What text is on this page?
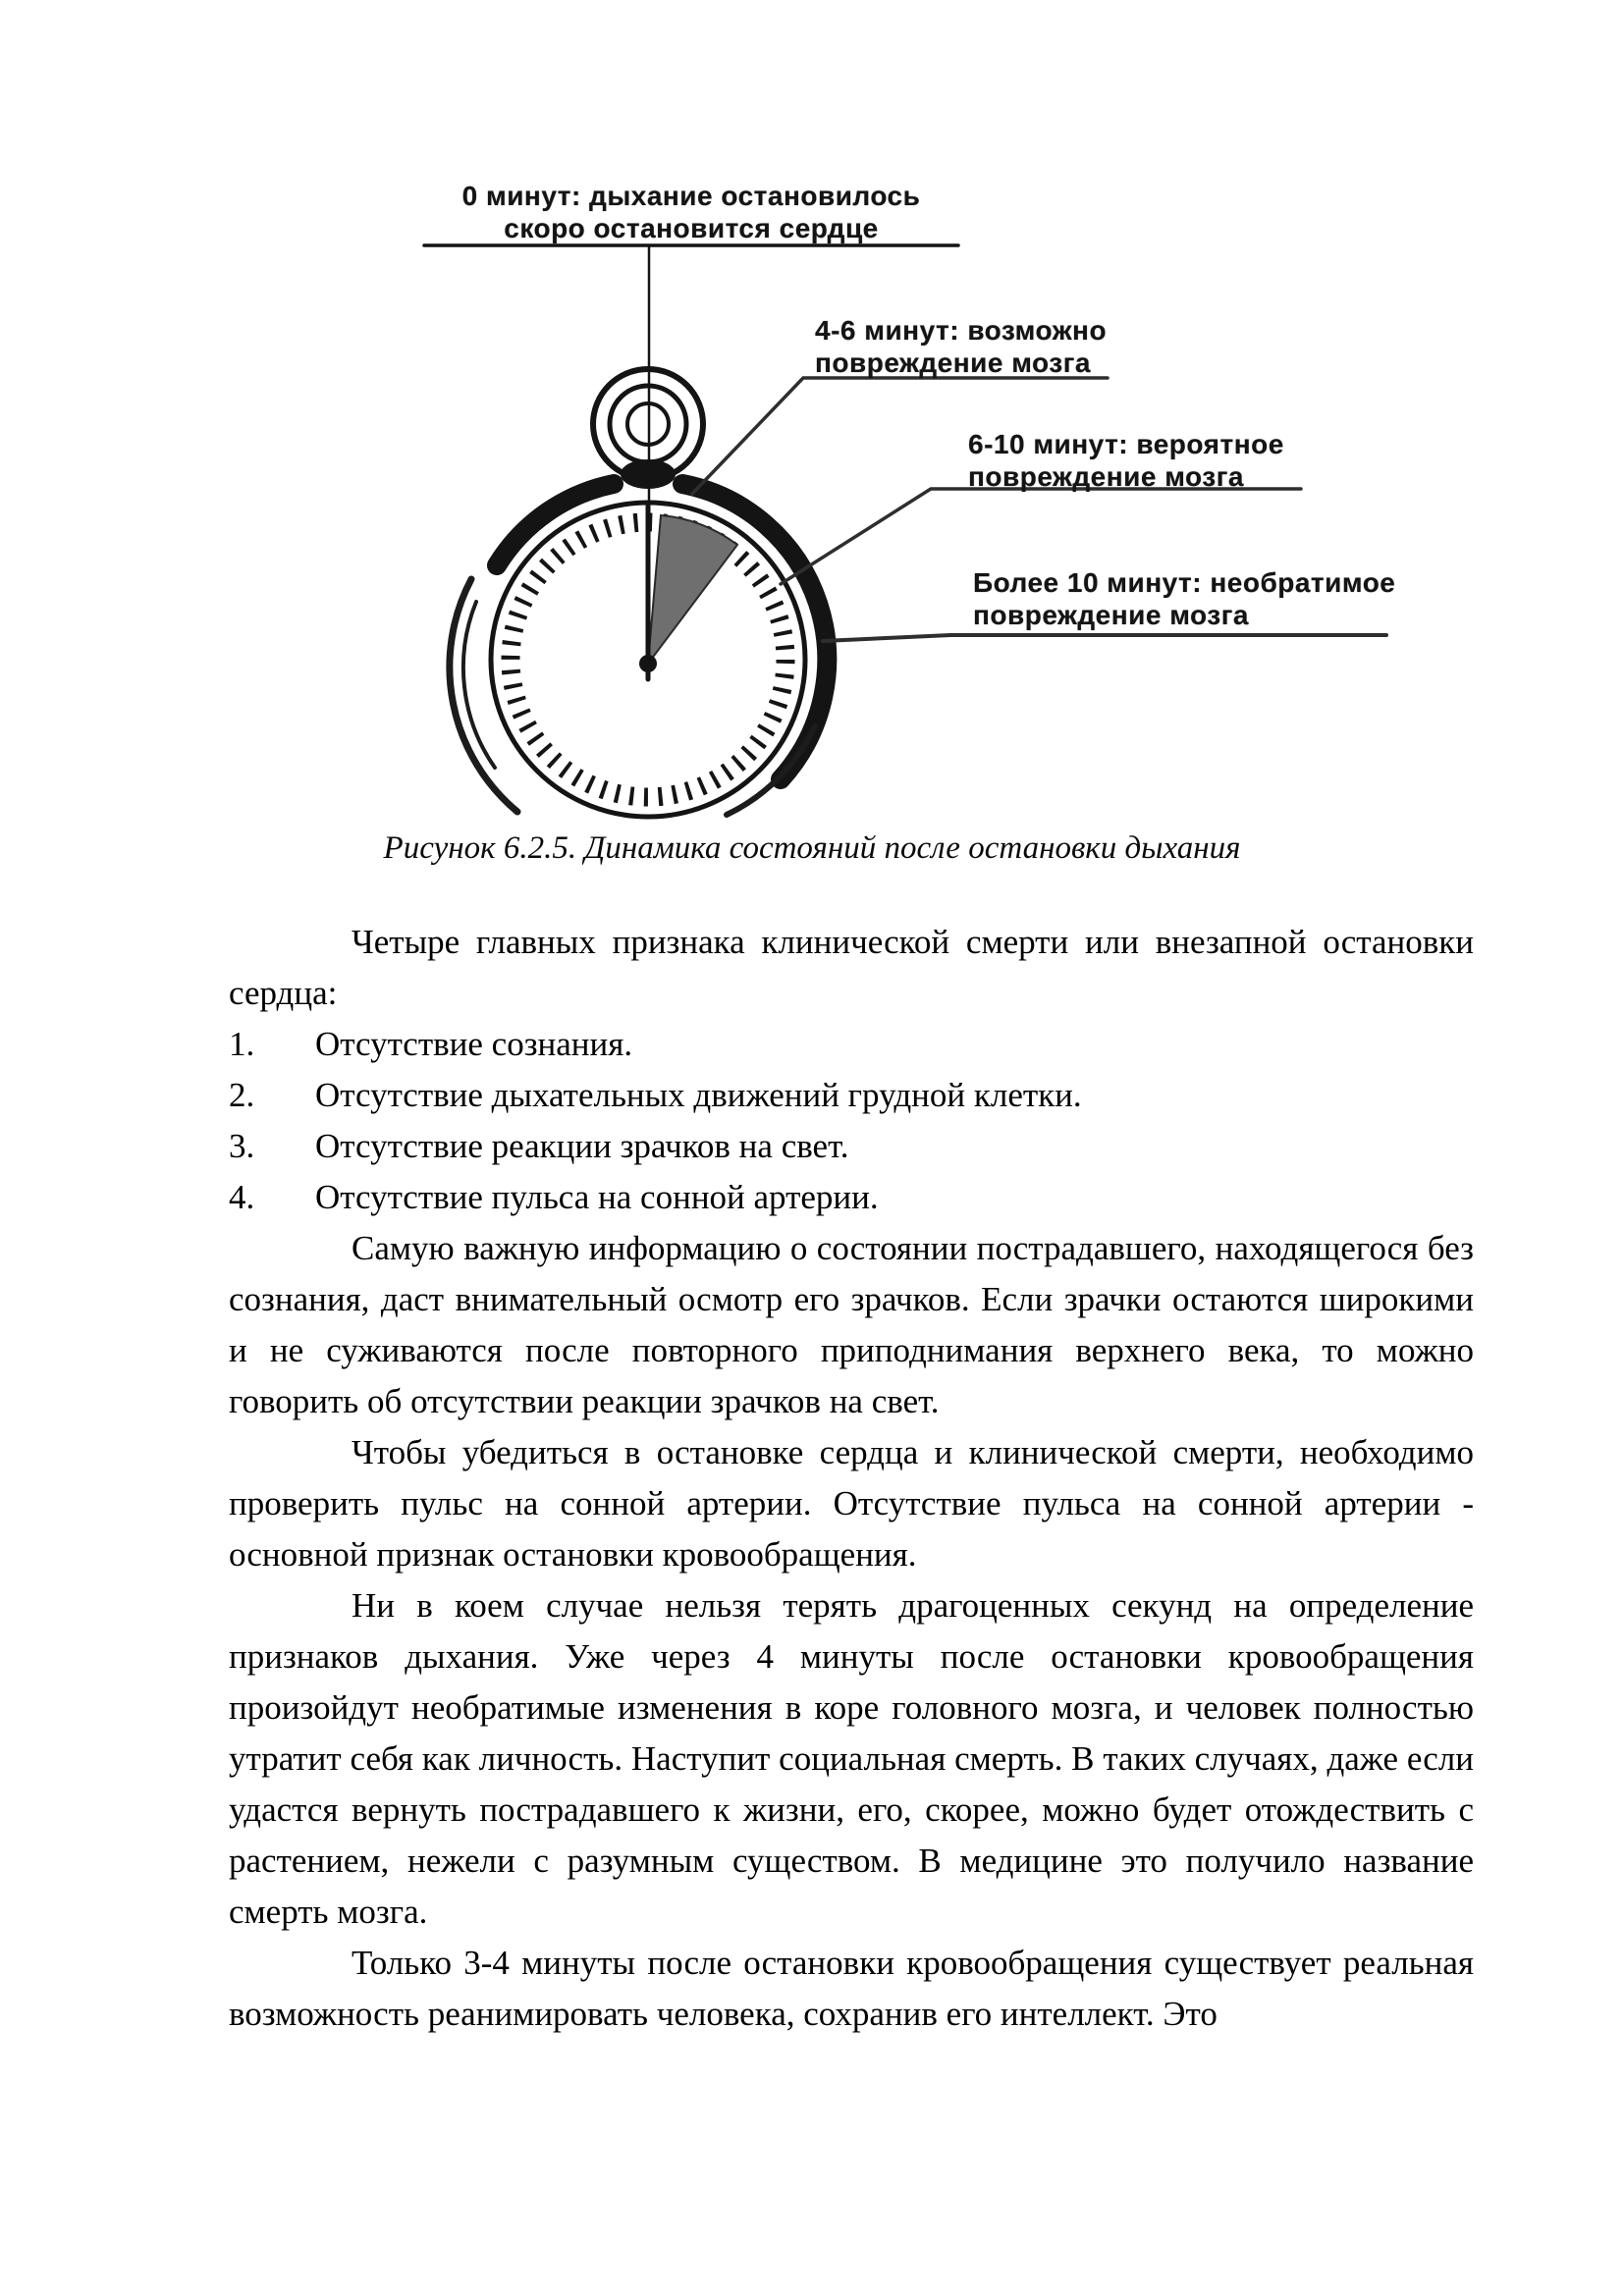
0 минут: дыхание остановилось
скоро остановится сердце
4-6 минут: возможно
повреждение мозга
6-10 минут: вероятное
повреждение мозга
Более 10 минут: необратимое
повреждение мозга
Рисунок 6.2.5. Динамика состояний после остановки дыхания

Четыре главных признака клинической смерти или внезапной остановки сердца:

1.	Отсутствие сознания.
2.	Отсутствие дыхательных движений грудной клетки.
3.	Отсутствие реакции зрачков на свет.
4.	Отсутствие пульса на сонной артерии.

Самую важную информацию о состоянии пострадавшего, находящегося без сознания, даст внимательный осмотр его зрачков. Если зрачки остаются широкими и не суживаются после повторного приподнимания верхнего века, то можно говорить об отсутствии реакции зрачков на свет.

Чтобы убедиться в остановке сердца и клинической смерти, необходимо проверить пульс на сонной артерии. Отсутствие пульса на сонной артерии - основной признак остановки кровообращения.

Ни в коем случае нельзя терять драгоценных секунд на определение признаков дыхания. Уже через 4 минуты после остановки кровообращения произойдут необратимые изменения в коре головного мозга, и человек полностью утратит себя как личность. Наступит социальная смерть. В таких случаях, даже если удастся вернуть пострадавшего к жизни, его, скорее, можно будет отождествить с растением, нежели с разумным существом. В медицине это получило название смерть мозга.

Только 3-4 минуты после остановки кровообращения существует реальная возможность реанимировать человека, сохранив его интеллект. Это
